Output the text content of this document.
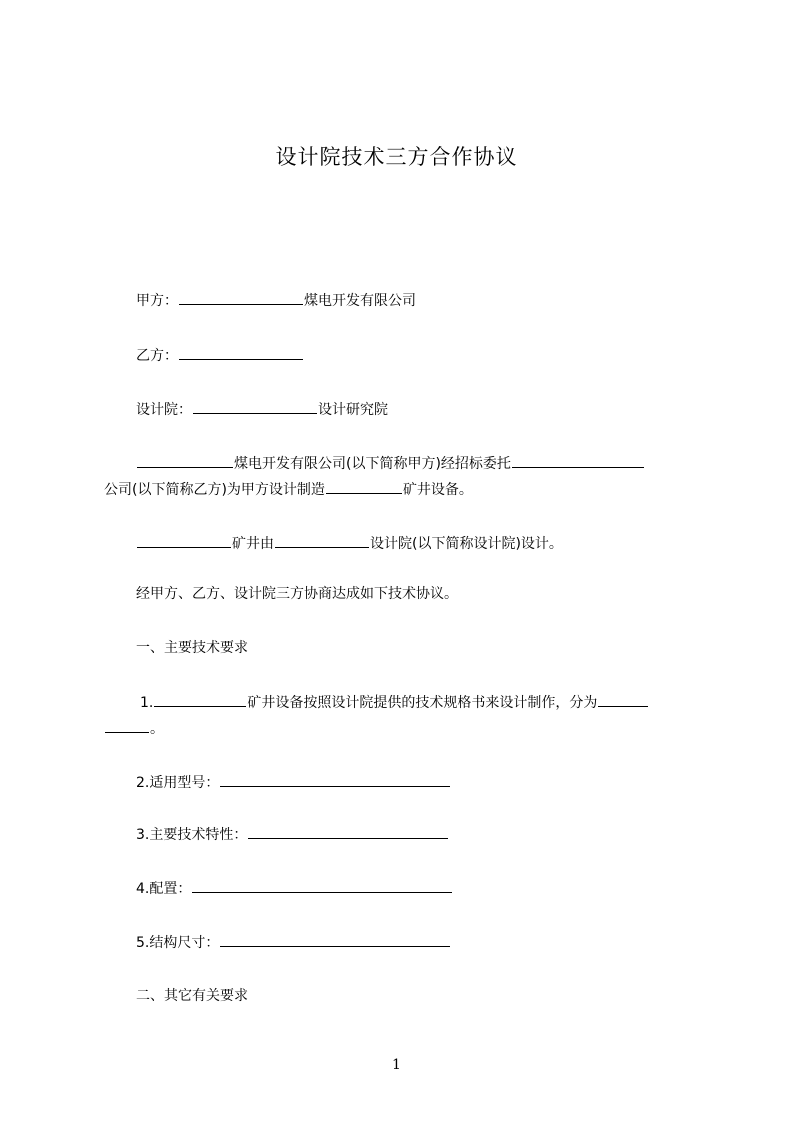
设计院技术三方合作协议
甲方：	煤电开发有限公司
乙方：
设计院：	设计研究院
煤电开发有限公司(以下简称甲方)经招标委托
公司(以下简称乙方)为甲方设计制造	矿井设备。
矿井由	设计院(以下简称设计院)设计。
经甲方、乙方、设计院三方协商达成如下技术协议。
一、主要技术要求
1.	矿井设备按照设计院提供的技术规格书来设计制作，分为
。
2.适用型号：
3.主要技术特性：
4.配置：
5.结构尺寸：
二、其它有关要求
1
